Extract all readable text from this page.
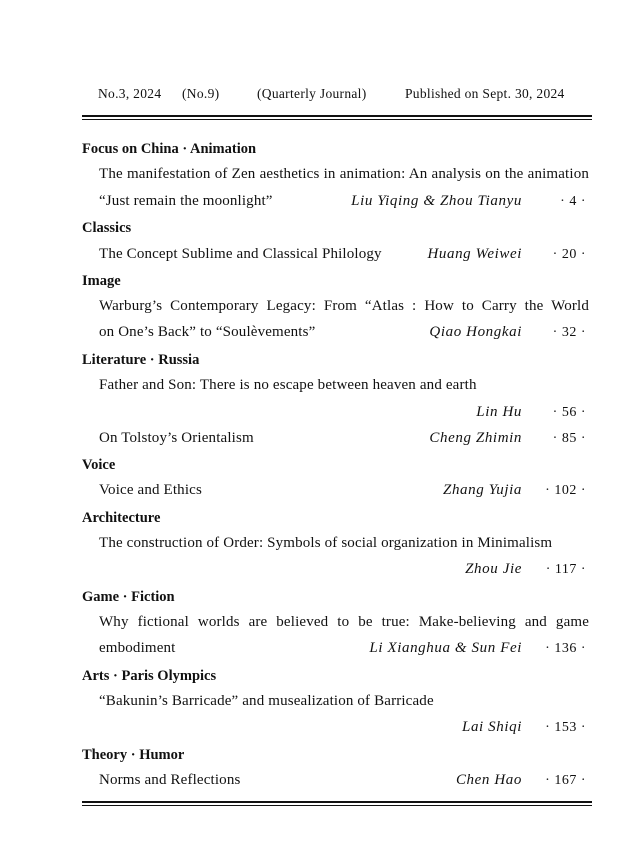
No.3, 2024 (No.9)	(Quarterly Journal)	Published on Sept. 30, 2024
Focus on China · Animation
The manifestation of Zen aesthetics in animation: An analysis on the animation
“Just remain the moonlight”	Liu Yiqing & Zhou Tianyu	· 4 ·
Classics
The Concept Sublime and Classical Philology	Huang Weiwei · 20 ·
Image
Warburg’s Contemporary Legacy: From “Atlas : How to Carry the World
on One’s Back” to “Soulèvements”	Qiao Hongkai · 32 ·
Literature · Russia
Father and Son: There is no escape between heaven and earth
Lin Hu · 56 ·
On Tolstoy’s Orientalism	Cheng Zhimin · 85 ·
Voice
Voice and Ethics	Zhang Yujia · 102 ·
Architecture
The construction of Order: Symbols of social organization in Minimalism
Zhou Jie · 117 ·
Game · Fiction
Why fictional worlds are believed to be true: Make-believing and game
embodiment	Li Xianghua & Sun Fei · 136 ·
Arts · Paris Olympics
“Bakunin’s Barricade” and musealization of Barricade
Lai Shiqi · 153 ·
Theory · Humor
Norms and Reflections	Chen Hao · 167 ·
